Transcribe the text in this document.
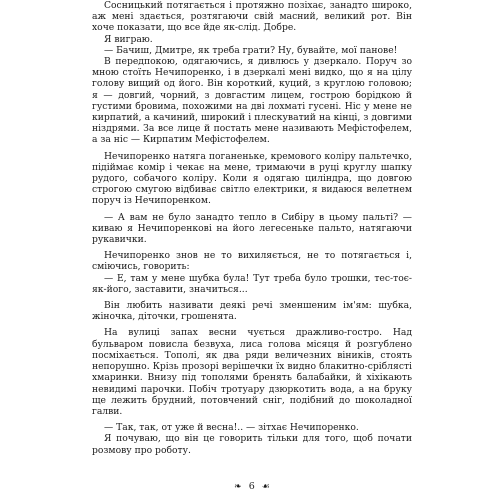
Сосницький потягається і протяжно позіхає, занадто широко, аж мені здається, розтягаючи свій масний, великий рот. Він хоче показати, що все йде як-слід. Добре.

Я виграю.

— Бачиш, Дмитре, як треба грати? Ну, бувайте, мої панове!

В передпокою, одягаючись, я дивлюсь у дзеркало. Поруч зо мною стоїть Нечипоренко, і в дзеркалі мені видко, що я на цілу голову вищий од його. Він короткий, куций, з круглою головою; я — довгий, чорний, з довгастим лицем, гострою борідкою й густими бровима, похожими на дві лохматі гусені. Ніс у мене не кирпатий, а качиний, широкий і плескуватий на кінці, з довгими ніздрями. За все лице й постать мене називають Мефістофелем, а за ніс — Кирпатим Мефістофелем.

Нечипоренко натяга поганеньке, кремового коліру пальтечко, підіймає комір і чекає на мене, тримаючи в руці круглу шапку рудого, собачого коліру. Коли я одягаю циліндра, що довгою строгою смугою відбиває світло електрики, я видаюся велетнем поруч із Нечипоренком.

— А вам не було занадто тепло в Сибіру в цьому пальті? — киваю я Нечипоренкові на його легесеньке пальто, натягаючи рукавички.

Нечипоренко знов не то вихиляється, не то потягається і, сміючись, говорить:

— Е, там у мене шубка була! Тут треба було трошки, тес-тоє-як-його, заставити, значиться...

Він любить називати деякі речі зменшеним ім'ям: шубка, жіночка, діточки, грошенята.

На вулиці запах весни чується дражливо-гостро. Над бульваром повисла безвуха, лиса голова місяця й розгублено посміхається. Тополі, як два ряди величезних віників, стоять непорушно. Крізь прозорі верішечки їх видно блакитно-сріблясті хмаринки. Внизу під тополями бренять балабайки, й хіхікають невидимі парочки. Побіч тротуару дзюркотить вода, а на бруку ще лежить брудний, потовчений сніг, подібний до шоколадної галви.

— Так, так, от уже й весна!.. — зітхає Нечипоренко.

Я почуваю, що він це говорить тільки для того, щоб почати розмову про роботу.

❧ 6 ☙
